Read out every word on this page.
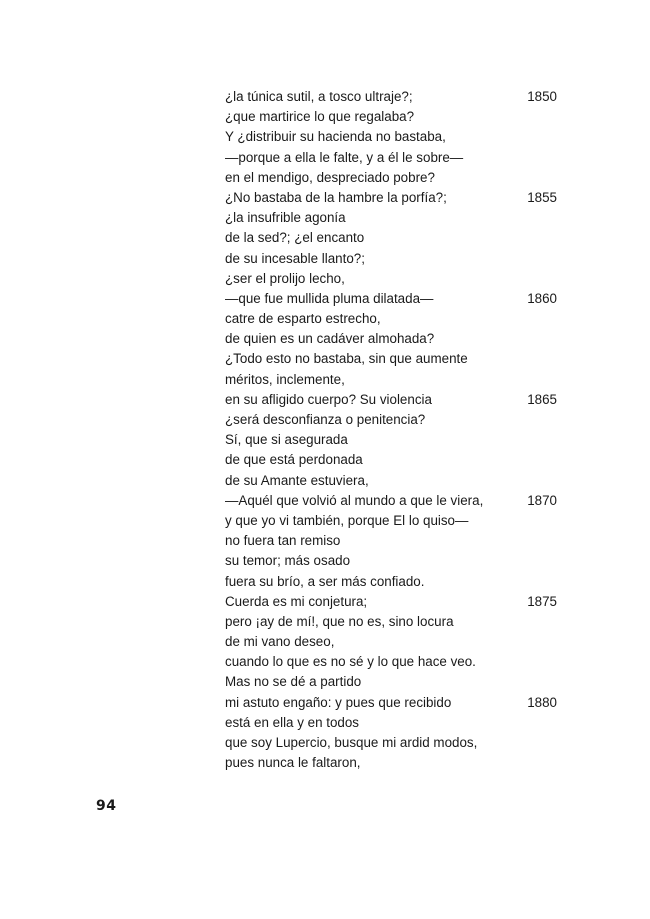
¿la túnica sutil, a tosco ultraje?;	1850
¿que martirice lo que regalaba?
Y ¿distribuir su hacienda no bastaba,
—porque a ella le falte, y a él le sobre—
en el mendigo, despreciado pobre?
¿No bastaba de la hambre la porfía?;	1855
¿la insufrible agonía
de la sed?; ¿el encanto
de su incesable llanto?;
¿ser el prolijo lecho,
—que fue mullida pluma dilatada—	1860
catre de esparto estrecho,
de quien es un cadáver almohada?
¿Todo esto no bastaba, sin que aumente
méritos, inclemente,
en su afligido cuerpo? Su violencia	1865
¿será desconfianza o penitencia?
Sí, que si asegurada
de que está perdonada
de su Amante estuviera,
—Aquél que volvió al mundo a que le viera,	1870
y que yo vi también, porque El lo quiso—
no fuera tan remiso
su temor; más osado
fuera su brío, a ser más confiado.
Cuerda es mi conjetura;	1875
pero ¡ay de mí!, que no es, sino locura
de mi vano deseo,
cuando lo que es no sé y lo que hace veo.
Mas no se dé a partido
mi astuto engaño: y pues que recibido	1880
está en ella y en todos
que soy Lupercio, busque mi ardid modos,
pues nunca le faltaron,
94
